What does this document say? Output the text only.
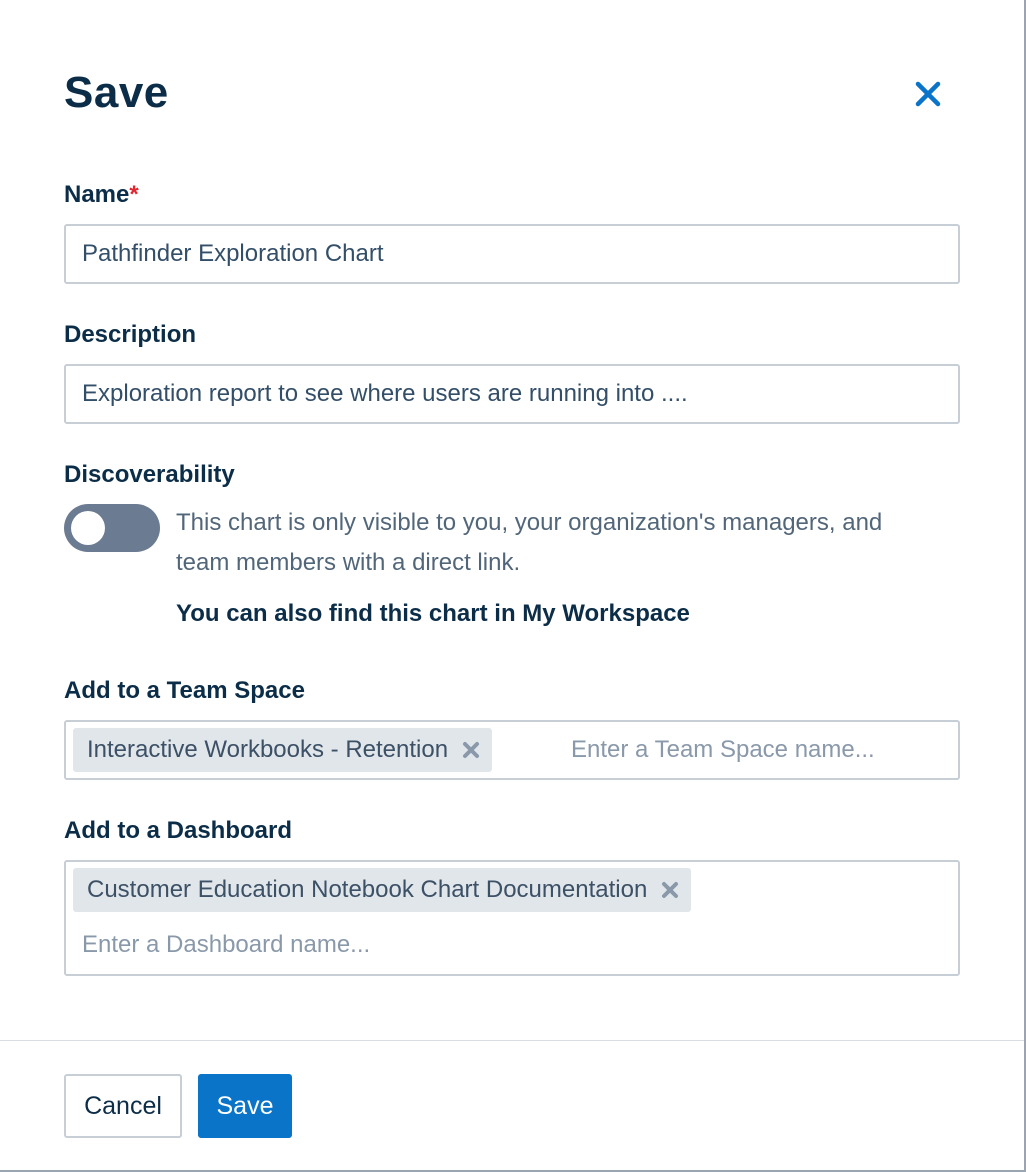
Save
Name*
Pathfinder Exploration Chart
Description
Exploration report to see where users are running into ....
Discoverability
This chart is only visible to you, your organization's managers, and team members with a direct link.
You can also find this chart in My Workspace
Add to a Team Space
Interactive Workbooks - Retention
Enter a Team Space name...
Add to a Dashboard
Customer Education Notebook Chart Documentation
Enter a Dashboard name...
Cancel	Save
